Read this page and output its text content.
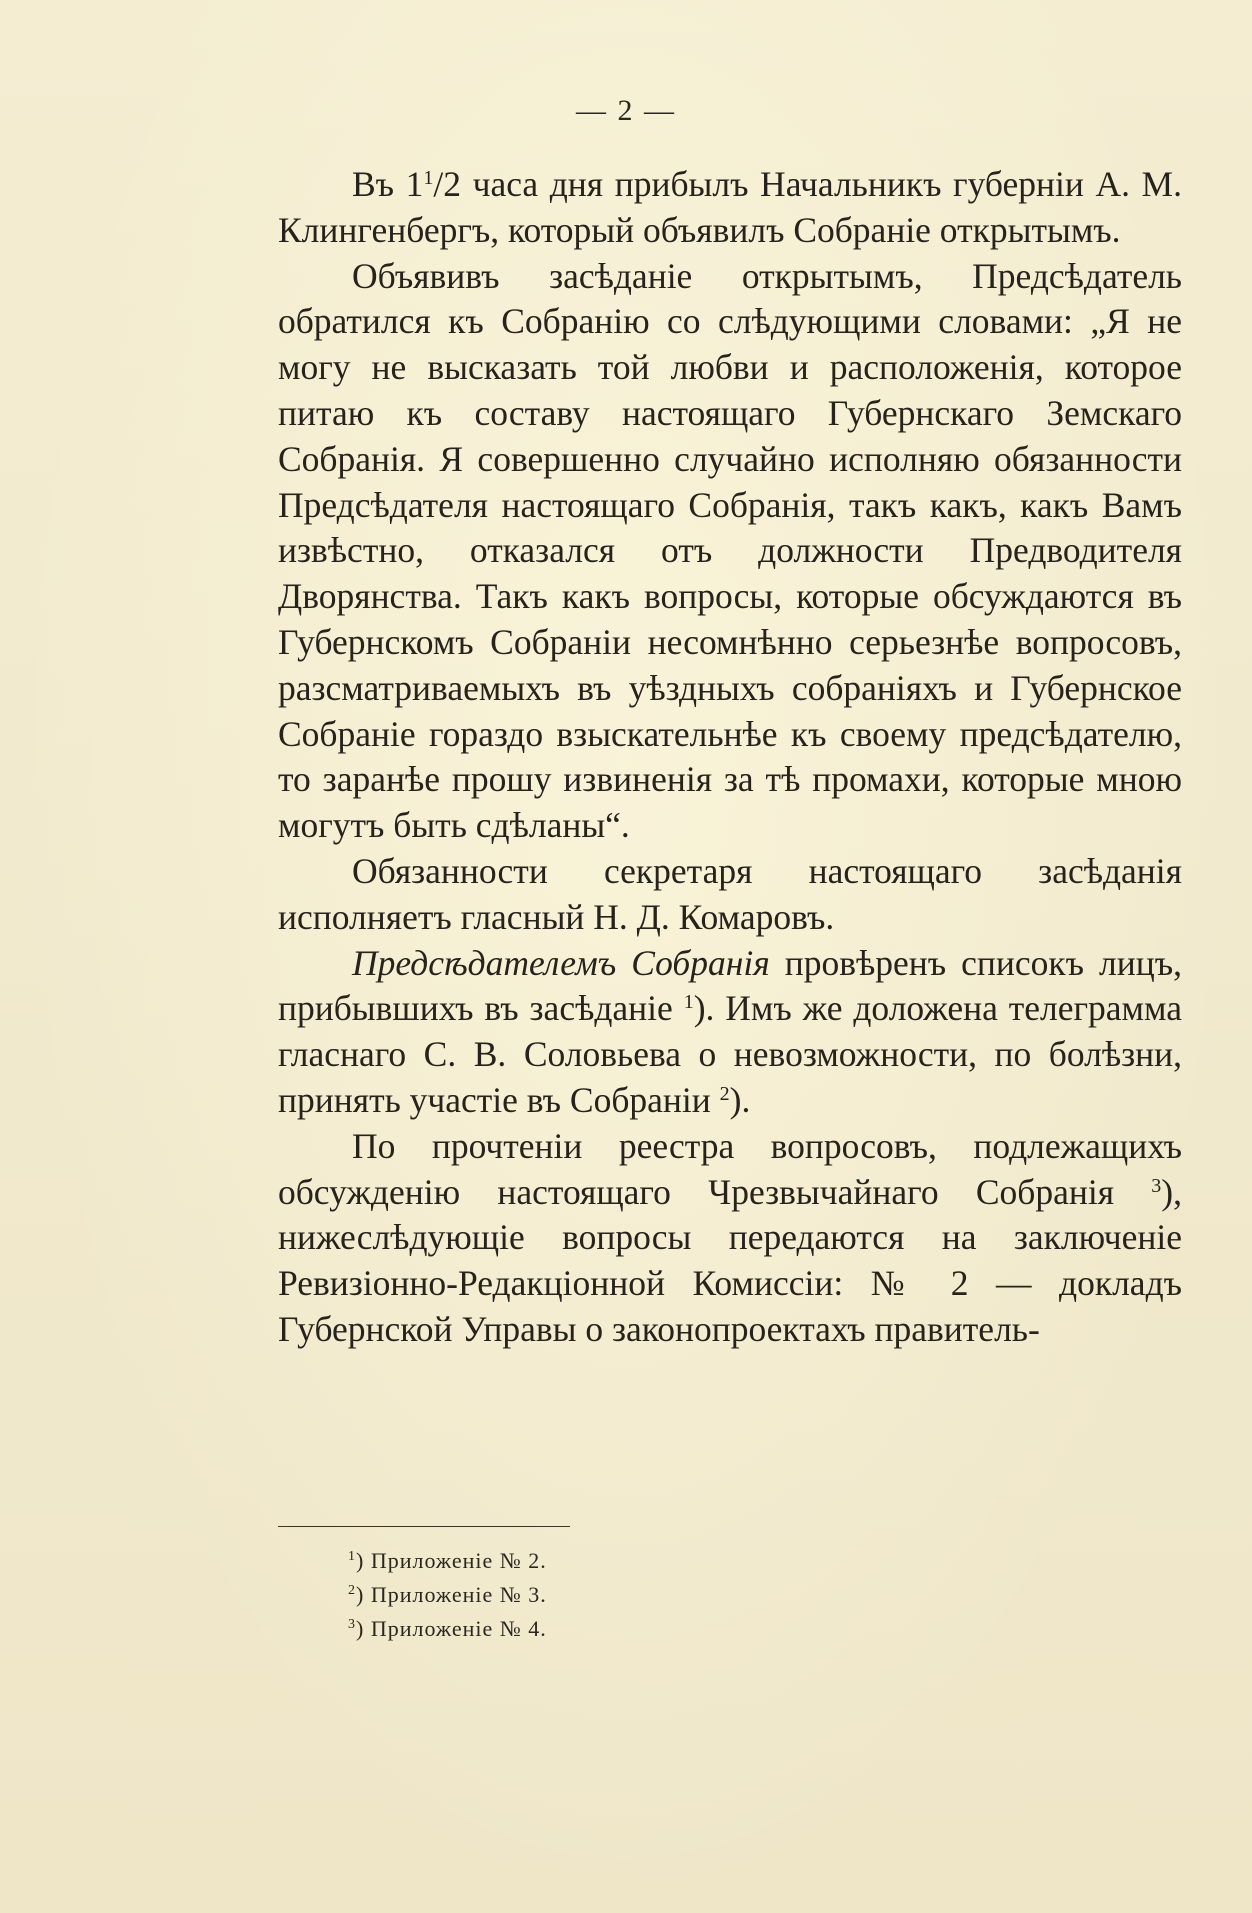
— 2 —

Въ 1$^1$/2 часа дня прибылъ Начальникъ губерніи А. М. Клингенбергъ, который объявилъ Собраніе открытымъ.

Объявивъ засѣданіе открытымъ, Предсѣдатель обратился къ Собранію со слѣдующими словами: „Я не могу не высказать той любви и расположенія, которое питаю къ составу настоящаго Губернскаго Земскаго Собранія. Я совершенно случайно исполняю обязанности Предсѣдателя настоящаго Собранія, такъ какъ, какъ Вамъ извѣстно, отказался отъ должности Предводителя Дворянства. Такъ какъ вопросы, которые обсуждаются въ Губернскомъ Собраніи несомнѣнно серьезнѣе вопросовъ, разсматриваемыхъ въ уѣздныхъ собраніяхъ и Губернское Собраніе гораздо взыскательнѣе къ своему предсѣдателю, то заранѣе прошу извиненія за тѣ промахи, которые мною могутъ быть сдѣланы“.

Обязанности секретаря настоящаго засѣданія исполняетъ гласный Н. Д. Комаровъ.

Предсѣдателемъ Собранія провѣренъ списокъ лицъ, прибывшихъ въ засѣданіе $^1$). Имъ же доложена телеграмма гласнаго С. В. Соловьева о невозможности, по болѣзни, принять участіе въ Собраніи $^2$).

По прочтеніи реестра вопросовъ, подлежащихъ обсужденію настоящаго Чрезвычайнаго Собранія $^3$), нижеслѣдующіе вопросы передаются на заключеніе Ревизіонно-Редакціонной Комиссіи: № 2 — докладъ Губернской Управы о законопроектахъ правитель-

$^1$) Приложеніе № 2.
$^2$) Приложеніе № 3.
$^3$) Приложеніе № 4.
